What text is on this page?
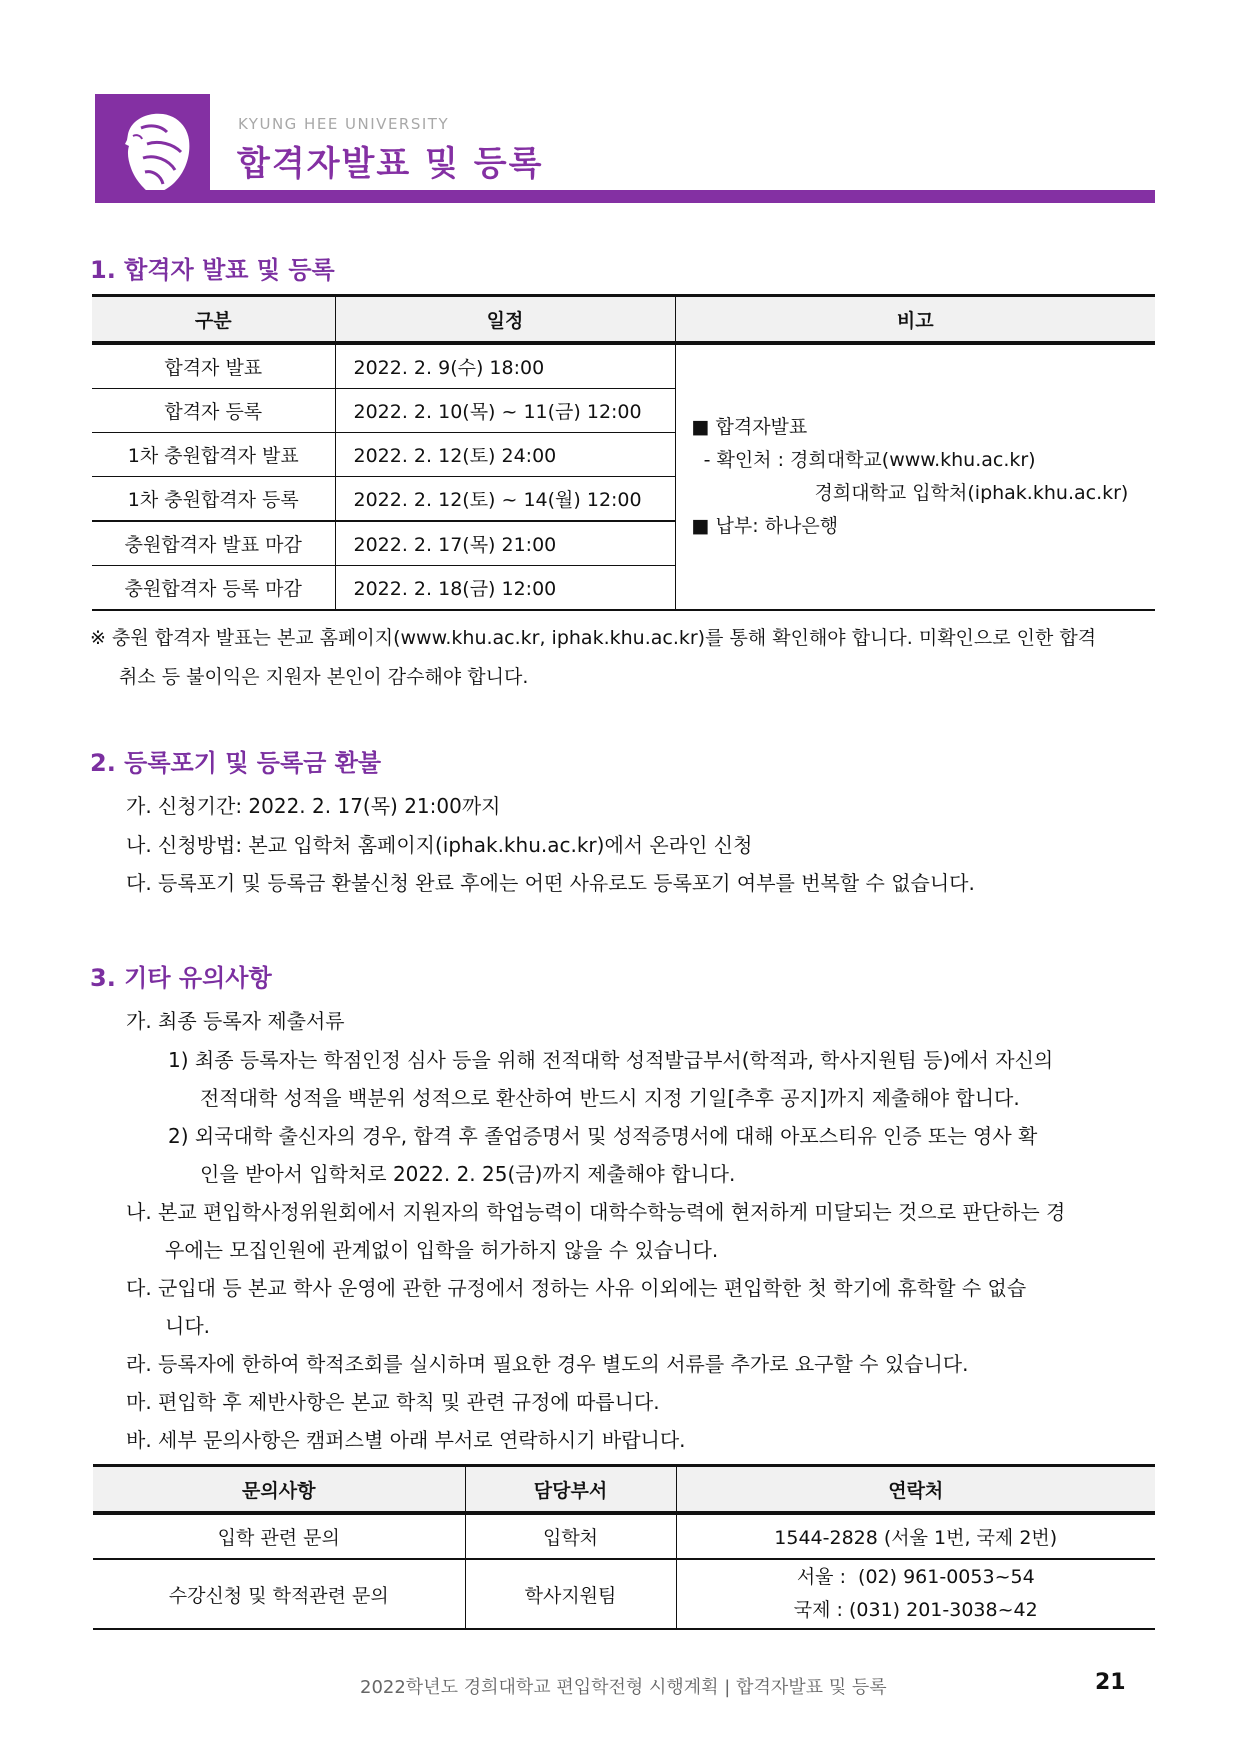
KYUNG HEE UNIVERSITY
합격자발표 및 등록
1. 합격자 발표 및 등록
구분	일정	비고
합격자 발표	2022. 2. 9(수) 18:00	■ 합격자발표
- 확인처 : 경희대학교(www.khu.ac.kr)
경희대학교 입학처(iphak.khu.ac.kr)
■ 납부: 하나은행

합격자 등록	2022. 2. 10(목) ~ 11(금) 12:00	
1차 충원합격자 발표	2022. 2. 12(토) 24:00	
1차 충원합격자 등록	2022. 2. 12(토) ~ 14(월) 12:00	
충원합격자 발표 마감	2022. 2. 17(목) 21:00	
충원합격자 등록 마감	2022. 2. 18(금) 12:00	
※ 충원 합격자 발표는 본교 홈페이지(www.khu.ac.kr, iphak.khu.ac.kr)를 통해 확인해야 합니다. 미확인으로 인한 합격
취소 등 불이익은 지원자 본인이 감수해야 합니다.
2. 등록포기 및 등록금 환불
가. 신청기간: 2022. 2. 17(목) 21:00까지
나. 신청방법: 본교 입학처 홈페이지(iphak.khu.ac.kr)에서 온라인 신청
다. 등록포기 및 등록금 환불신청 완료 후에는 어떤 사유로도 등록포기 여부를 번복할 수 없습니다.
3. 기타 유의사항
가. 최종 등록자 제출서류
1) 최종 등록자는 학점인정 심사 등을 위해 전적대학 성적발급부서(학적과, 학사지원팀 등)에서 자신의
전적대학 성적을 백분위 성적으로 환산하여 반드시 지정 기일[추후 공지]까지 제출해야 합니다.
2) 외국대학 출신자의 경우, 합격 후 졸업증명서 및 성적증명서에 대해 아포스티유 인증 또는 영사 확
인을 받아서 입학처로 2022. 2. 25(금)까지 제출해야 합니다.
나. 본교 편입학사정위원회에서 지원자의 학업능력이 대학수학능력에 현저하게 미달되는 것으로 판단하는 경
우에는 모집인원에 관계없이 입학을 허가하지 않을 수 있습니다.
다. 군입대 등 본교 학사 운영에 관한 규정에서 정하는 사유 이외에는 편입학한 첫 학기에 휴학할 수 없습
니다.
라. 등록자에 한하여 학적조회를 실시하며 필요한 경우 별도의 서류를 추가로 요구할 수 있습니다.
마. 편입학 후 제반사항은 본교 학칙 및 관련 규정에 따릅니다.
바. 세부 문의사항은 캠퍼스별 아래 부서로 연락하시기 바랍니다.
문의사항	담당부서	연락처
입학 관련 문의	입학처	1544-2828 (서울 1번, 국제 2번)
수강신청 및 학적관련 문의	학사지원팀	서울 :  (02) 961-0053~54
국제 : (031) 201-3038~42
2022학년도 경희대학교 편입학전형 시행계획 | 합격자발표 및 등록	21
